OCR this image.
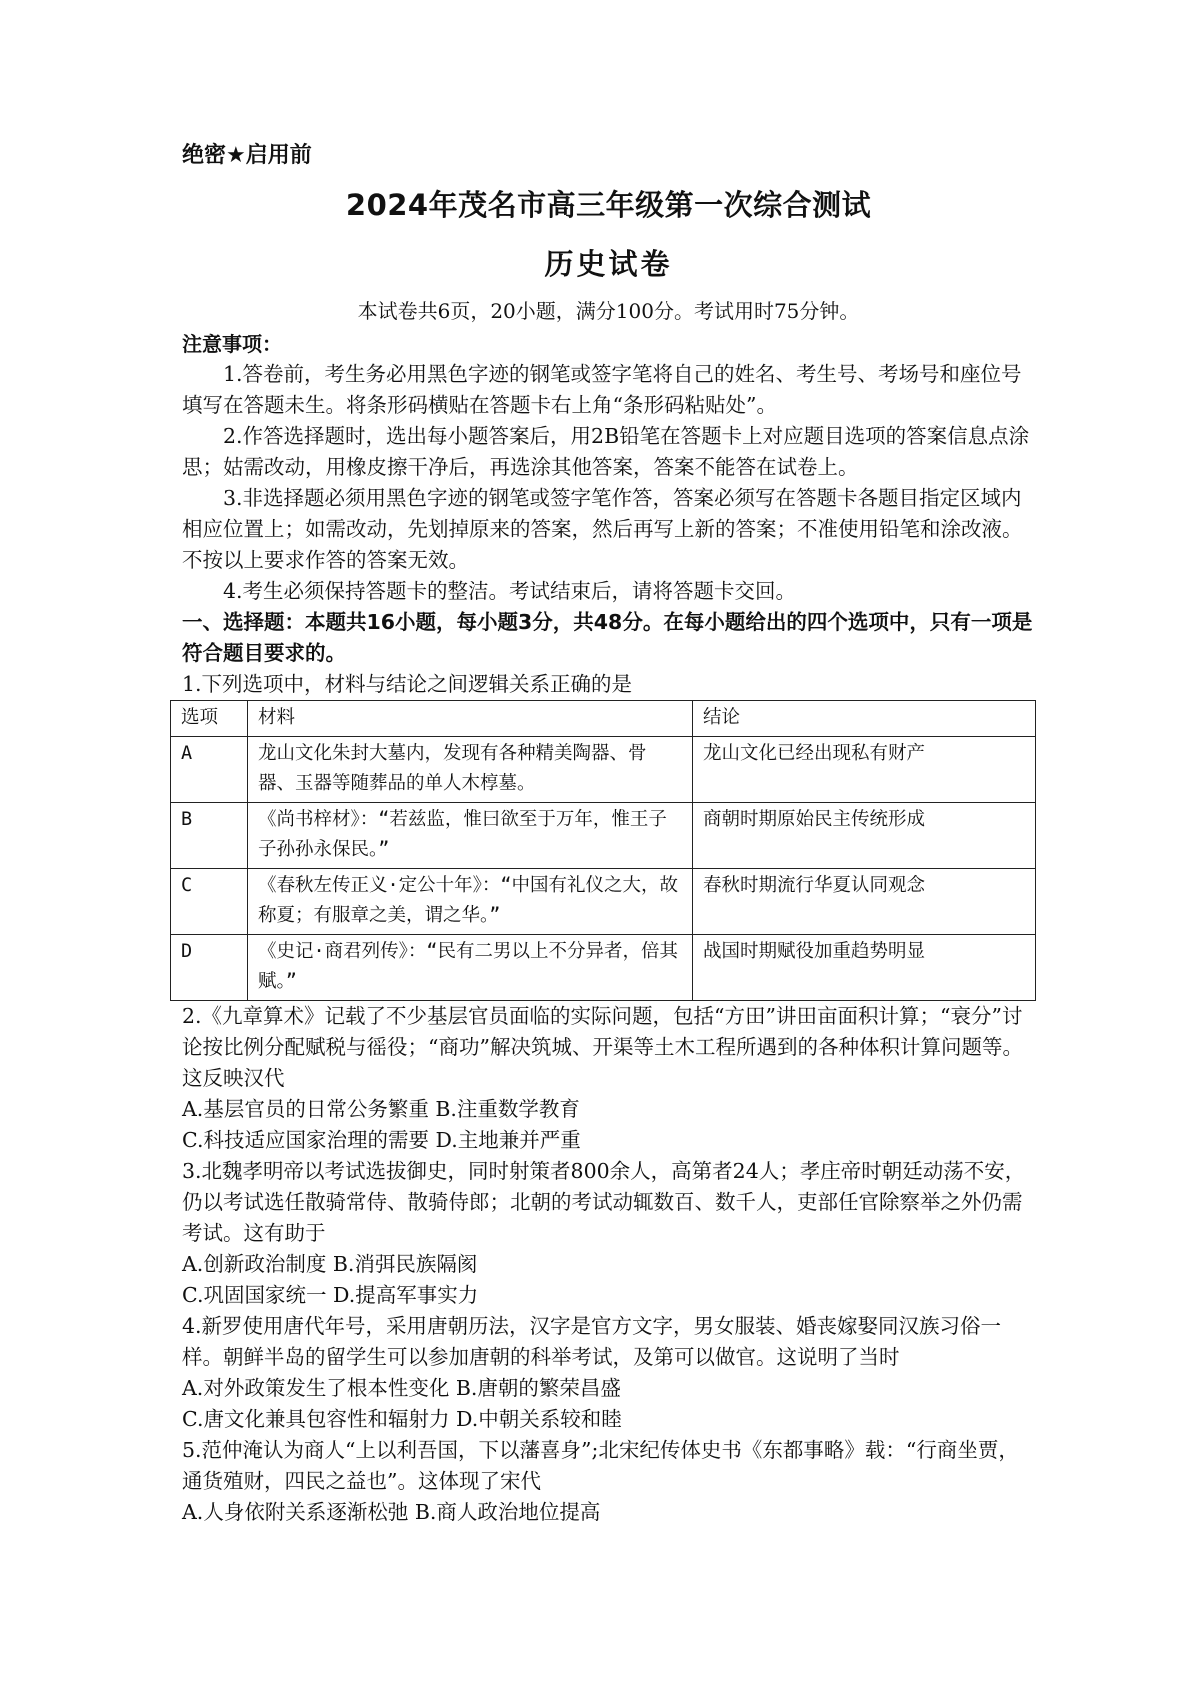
绝密★启用前
2024年茂名市高三年级第一次综合测试
历史试卷
本试卷共6页，20小题，满分100分。考试用时75分钟。
注意事项：

1.答卷前，考生务必用黑色字迹的钢笔或签字笔将自己的姓名、考生号、考场号和座位号填写在答题未生。将条形码横贴在答题卡右上角“条形码粘贴处”。

2.作答选择题时，选出每小题答案后，用2B铅笔在答题卡上对应题目选项的答案信息点涂思；姑需改动，用橡皮擦干净后，再选涂其他答案，答案不能答在试卷上。

3.非选择题必须用黑色字迹的钢笔或签字笔作答，答案必须写在答题卡各题目指定区域内相应位置上；如需改动，先划掉原来的答案，然后再写上新的答案；不准使用铅笔和涂改液。不按以上要求作答的答案无效。

4.考生必须保持答题卡的整洁。考试结束后，请将答题卡交回。

一、选择题：本题共16小题，每小题3分，共48分。在每小题给出的四个选项中，只有一项是符合题目要求的。

1.下列选项中，材料与结论之间逻辑关系正确的是

选项	材料	结论
A	龙山文化朱封大墓内，发现有各种精美陶器、骨器、玉器等随葬品的单人木椁墓。	龙山文化已经出现私有财产
B	《尚书梓材》：“若兹监，惟曰欲至于万年，惟王子子孙孙永保民。”	商朝时期原始民主传统形成
C	《春秋左传正义·定公十年》：“中国有礼仪之大，故称夏；有服章之美，谓之华。”	春秋时期流行华夏认同观念
D	《史记·商君列传》：“民有二男以上不分异者，倍其赋。”	战国时期赋役加重趋势明显

2.《九章算术》记载了不少基层官员面临的实际问题，包括“方田”讲田亩面积计算；“衰分”讨论按比例分配赋税与徭役；“商功”解决筑城、开渠等土木工程所遇到的各种体积计算问题等。这反映汉代

A.基层官员的日常公务繁重 B.注重数学教育

C.科技适应国家治理的需要 D.主地兼并严重

3.北魏孝明帝以考试选拔御史，同时射策者800余人，高第者24人；孝庄帝时朝廷动荡不安，仍以考试选任散骑常侍、散骑侍郎；北朝的考试动辄数百、数千人，吏部任官除察举之外仍需考试。这有助于

A.创新政治制度 B.消弭民族隔阂

C.巩固国家统一 D.提高军事实力

4.新罗使用唐代年号，采用唐朝历法，汉字是官方文字，男女服装、婚丧嫁娶同汉族习俗一样。朝鲜半岛的留学生可以参加唐朝的科举考试，及第可以做官。这说明了当时

A.对外政策发生了根本性变化 B.唐朝的繁荣昌盛

C.唐文化兼具包容性和辐射力 D.中朝关系较和睦

5.范仲淹认为商人“上以利吾国，下以藩喜身”;北宋纪传体史书《东都事略》载：“行商坐贾，通货殖财，四民之益也”。这体现了宋代

A.人身依附关系逐渐松弛 B.商人政治地位提高
